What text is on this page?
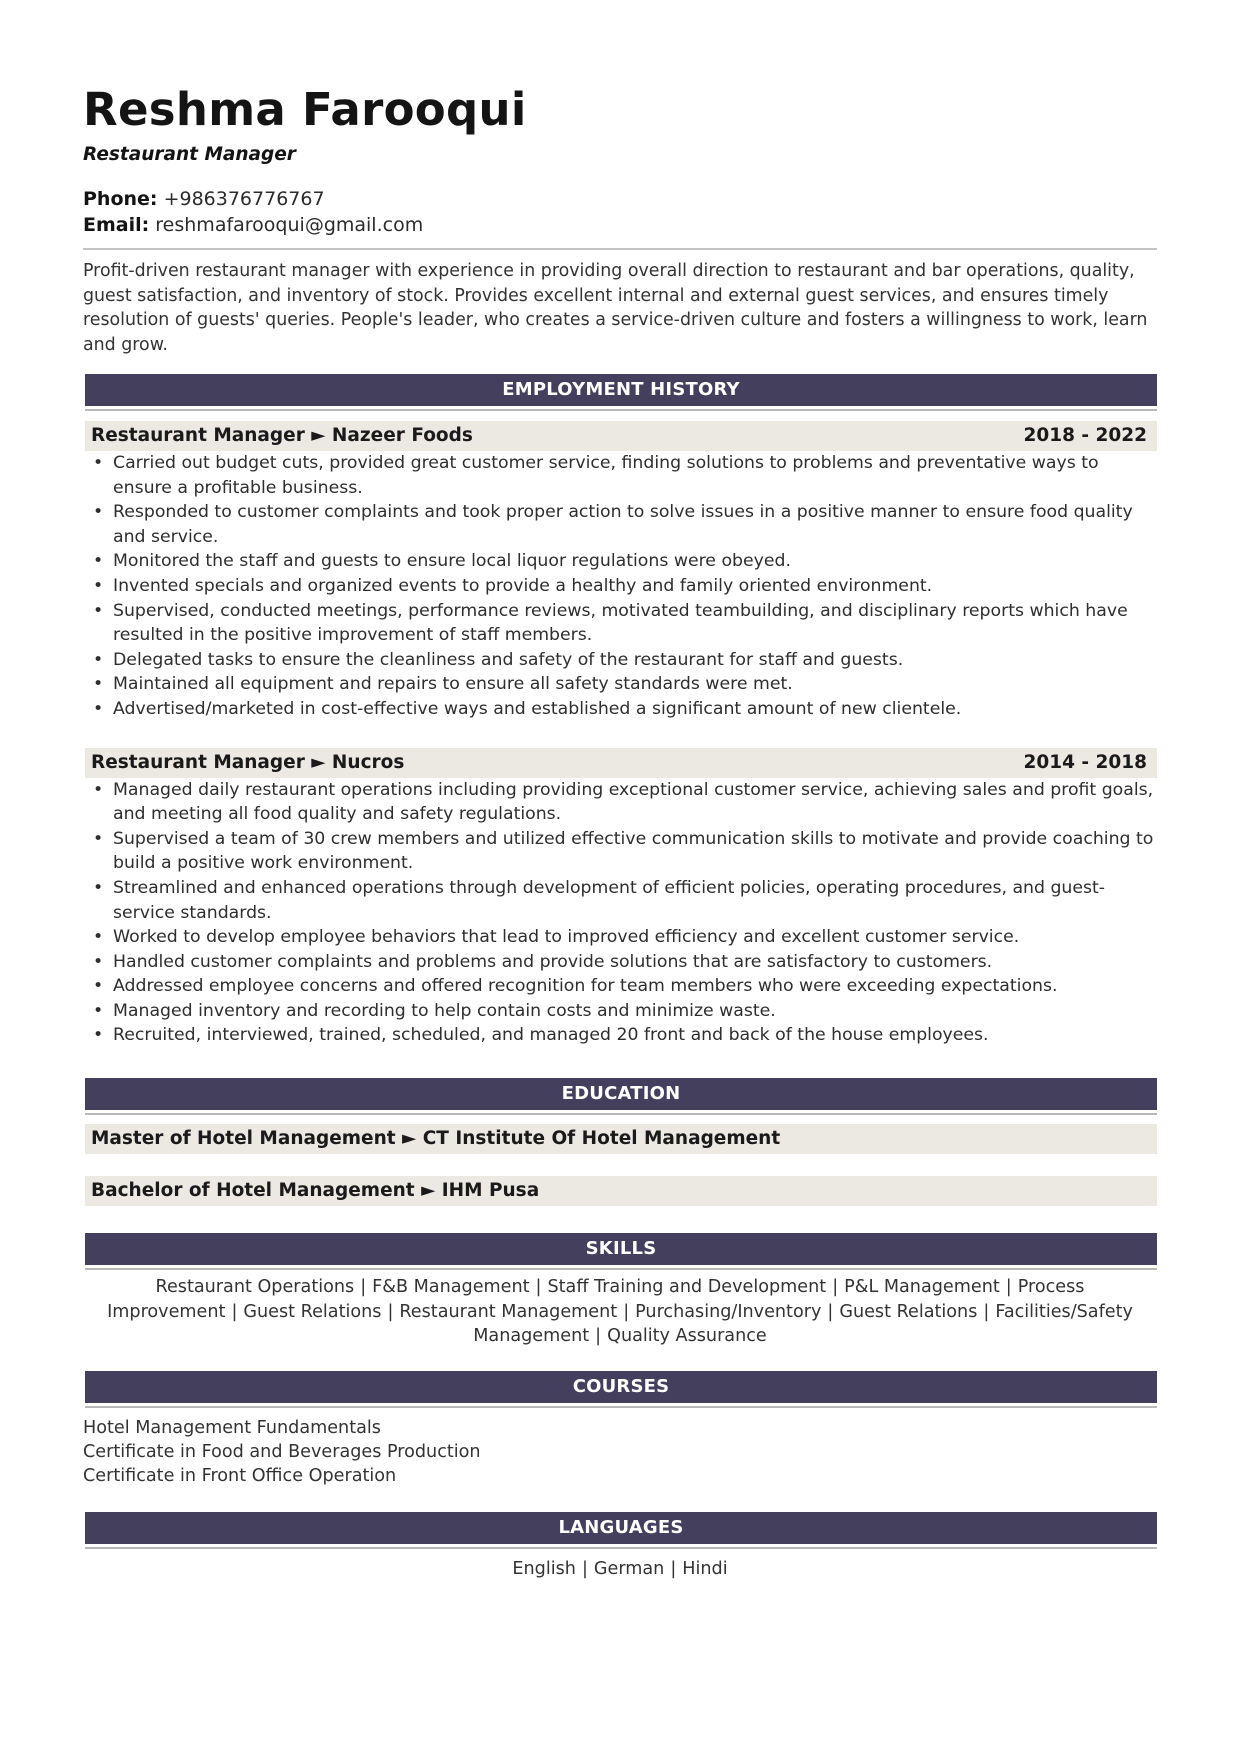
Reshma Farooqui
Restaurant Manager
Phone: +986376776767
Email: reshmafarooqui@gmail.com

Profit-driven restaurant manager with experience in providing overall direction to restaurant and bar operations, quality, guest satisfaction, and inventory of stock. Provides excellent internal and external guest services, and ensures timely resolution of guests' queries. People's leader, who creates a service-driven culture and fosters a willingness to work, learn and grow.

EMPLOYMENT HISTORY
Restaurant Manager ► Nazeer Foods	2018 - 2022
• Carried out budget cuts, provided great customer service, finding solutions to problems and preventative ways to ensure a profitable business.
• Responded to customer complaints and took proper action to solve issues in a positive manner to ensure food quality and service.
• Monitored the staff and guests to ensure local liquor regulations were obeyed.
• Invented specials and organized events to provide a healthy and family oriented environment.
• Supervised, conducted meetings, performance reviews, motivated teambuilding, and disciplinary reports which have resulted in the positive improvement of staff members.
• Delegated tasks to ensure the cleanliness and safety of the restaurant for staff and guests.
• Maintained all equipment and repairs to ensure all safety standards were met.
• Advertised/marketed in cost-effective ways and established a significant amount of new clientele.
Restaurant Manager ► Nucros	2014 - 2018
• Managed daily restaurant operations including providing exceptional customer service, achieving sales and profit goals, and meeting all food quality and safety regulations.
• Supervised a team of 30 crew members and utilized effective communication skills to motivate and provide coaching to build a positive work environment.
• Streamlined and enhanced operations through development of efficient policies, operating procedures, and guest-service standards.
• Worked to develop employee behaviors that lead to improved efficiency and excellent customer service.
• Handled customer complaints and problems and provide solutions that are satisfactory to customers.
• Addressed employee concerns and offered recognition for team members who were exceeding expectations.
• Managed inventory and recording to help contain costs and minimize waste.
• Recruited, interviewed, trained, scheduled, and managed 20 front and back of the house employees.
EDUCATION
Master of Hotel Management ► CT Institute Of Hotel Management
Bachelor of Hotel Management ► IHM Pusa
SKILLS
Restaurant Operations | F&B Management | Staff Training and Development | P&L Management | Process Improvement | Guest Relations | Restaurant Management | Purchasing/Inventory | Guest Relations | Facilities/Safety Management | Quality Assurance
COURSES
Hotel Management Fundamentals
Certificate in Food and Beverages Production
Certificate in Front Office Operation
LANGUAGES
English | German | Hindi
